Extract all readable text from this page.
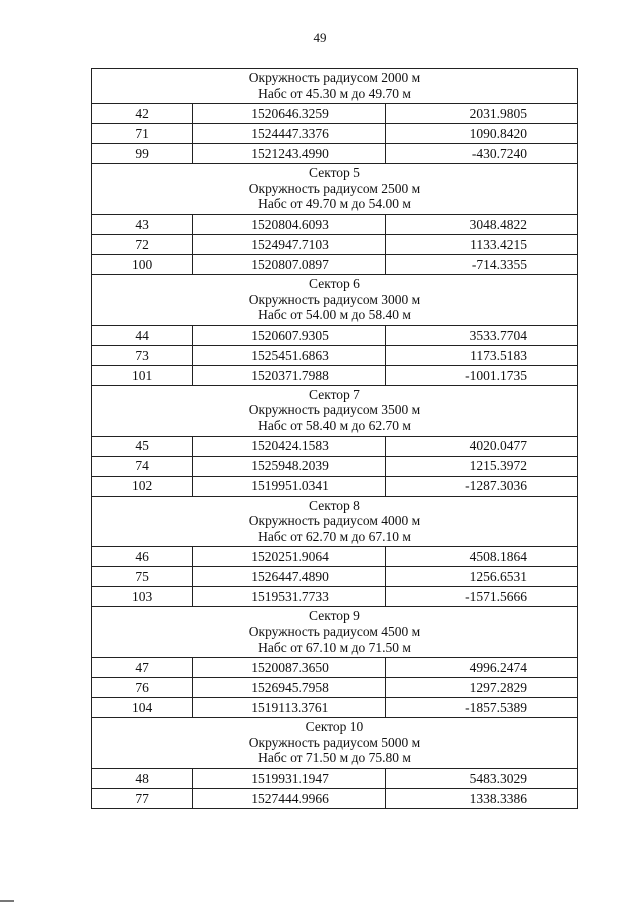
49
Окружность радиусом 2000 м
Набс от 45.30 м до 49.70 м		

42	1520646.3259	2031.9805
71	1524447.3376	1090.8420
99	1521243.4990	-430.7240

Сектор 5
Окружность радиусом 2500 м
Набс от 49.70 м до 54.00 м		

43	1520804.6093	3048.4822
72	1524947.7103	1133.4215
100	1520807.0897	-714.3355

Сектор 6
Окружность радиусом 3000 м
Набс от 54.00 м до 58.40 м		

44	1520607.9305	3533.7704
73	1525451.6863	1173.5183
101	1520371.7988	-1001.1735

Сектор 7
Окружность радиусом 3500 м
Набс от 58.40 м до 62.70 м		

45	1520424.1583	4020.0477
74	1525948.2039	1215.3972
102	1519951.0341	-1287.3036

Сектор 8
Окружность радиусом 4000 м
Набс от 62.70 м до 67.10 м		

46	1520251.9064	4508.1864
75	1526447.4890	1256.6531
103	1519531.7733	-1571.5666

Сектор 9
Окружность радиусом 4500 м
Набс от 67.10 м до 71.50 м		

47	1520087.3650	4996.2474
76	1526945.7958	1297.2829
104	1519113.3761	-1857.5389

Сектор 10
Окружность радиусом 5000 м
Набс от 71.50 м до 75.80 м		

48	1519931.1947	5483.3029
77	1527444.9966	1338.3386
